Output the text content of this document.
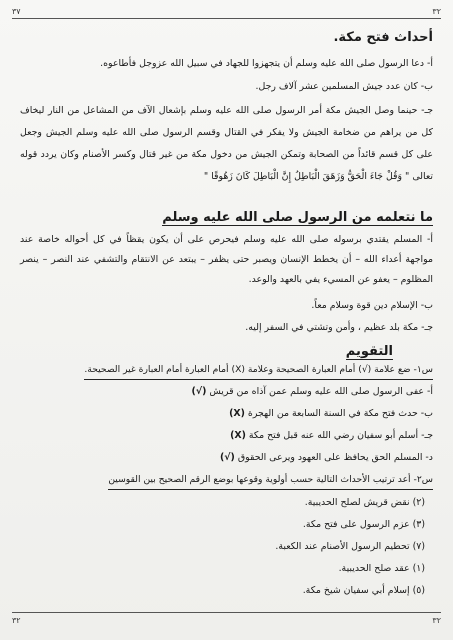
٣٧	٣٢
أحداث فتح مكة.
أ- دعا الرسول صلى الله عليه وسلم أن يتجهزوا للجهاد في سبيل الله عزوجل فأطاعوه.
ب- كان عدد جيش المسلمين عشر آلاف رجل.
جـ- حينما وصل الجيش مكة أمر الرسول صلى الله عليه وسلم بإشعال الآف من المشاعل من النار ليخاف كل من يراهم من ضخامة الجيش ولا يفكر في القتال وقسم الرسول صلى الله عليه وسلم الجيش وجعل على كل قسم قائداً من الصحابة وتمكن الجيش من دخول مكة من غير قتال وكسر الأصنام وكان يردد قوله تعالى " وَقُلْ جَاءَ الْحَقُّ وَزَهَقَ الْبَاطِلُ إِنَّ الْبَاطِلَ كَانَ زَهُوقًا "
ما نتعلمه من الرسول صلى الله عليه وسلم
أ- المسلم يقتدي برسوله صلى الله عليه وسلم فيحرص على أن يكون يقظاً في كل أحواله خاصة عند مواجهة أعداء الله – أن يخطط الإنسان ويصبر حتى يظفر – يبتعد عن الانتقام والتشفي عند النصر – ينصر المظلوم – يعفو عن المسيء يفي بالعهد والوعد.
ب- الإسلام دين قوة وسلام معاً.
جـ- مكة بلد عظيم ، وأمن وتشتي في السفر إليه.
التقويم
س١- ضع علامة (√) أمام العبارة الصحيحة وعلامة (X) أمام العبارة أمام العبارة غير الصحيحة.
أ- عفى الرسول صلى الله عليه وسلم عمن آذاه من قريش (√)
ب- حدث فتح مكة في السنة السابعة من الهجرة (X)
جـ- أسلم أبو سفيان رضي الله عنه قبل فتح مكة (X)
د- المسلم الحق يحافظ على العهود ويرعى الحقوق (√)
س٢- أعد ترتيب الأحداث التالية حسب أولوية وقوعها بوضع الرقم الصحيح بين القوسين
(٢) نقض قريش لصلح الحديبية.
(٣) عزم الرسول على فتح مكة.
(٧) تحطيم الرسول الأصنام عند الكعبة.
(١) عقد صلح الحديبية.
(٥) إسلام أبي سفيان شيخ مكة.
٣٢	٣٢
